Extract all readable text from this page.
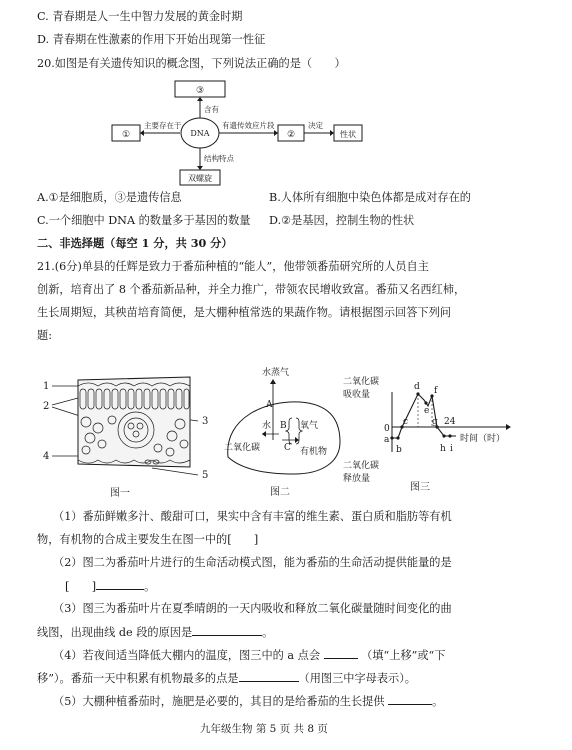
C. 青春期是人一生中智力发展的黄金时期
D. 青春期在性激素的作用下开始出现第一性征
20.如图是有关遗传知识的概念图，下列说法正确的是（　　）
③
含有
①
主要存在于
DNA
有遗传效应片段
②
决定
性状
结构特点
双螺旋
A.①是细胞质，③是遗传信息	B.人体所有细胞中染色体都是成对存在的
C.一个细胞中 DNA 的数量多于基因的数量 D.②是基因，控制生物的性状
二、非选择题（每空 1 分，共 30 分）
21.(6分)单县的任辉是致力于番茄种植的“能人”，他带领番茄研究所的人员自主
创新，培育出了 8 个番茄新品种，并全力推广，带领农民增收致富。番茄又名西红柿，
生长周期短，其秧苗培育简便，是大棚种植常选的果蔬作物。请根据图示回答下列问
题:
1
2
4
3
5
图一
水蒸气
A
水 B
C
二氧化碳
氧气
有机物
图二
二氧化碳
吸收量
二氧化碳
释放量
0
a
b
c
d
e
f
g 24
h i
时间（时）
图三
（1）番茄鲜嫩多汁、酸甜可口，果实中含有丰富的维生素、蛋白质和脂肪等有机
物，有机物的合成主要发生在图一中的[　　]
（2）图二为番茄叶片进行的生命活动模式图，能为番茄的生命活动提供能量的是
[　　]	。
（3）图三为番茄叶片在夏季晴朗的一天内吸收和释放二氧化碳量随时间变化的曲
线图，出现曲线 de 段的原因是	。
（4）若夜间适当降低大棚内的温度，图三中的 a 点会	（填“上移”或“下
移”）。番茄一天中积累有机物最多的点是	（用图三中字母表示）。
（5）大棚种植番茄时，施肥是必要的，其目的是给番茄的生长提供	。
九年级生物 第 5 页 共 8 页
